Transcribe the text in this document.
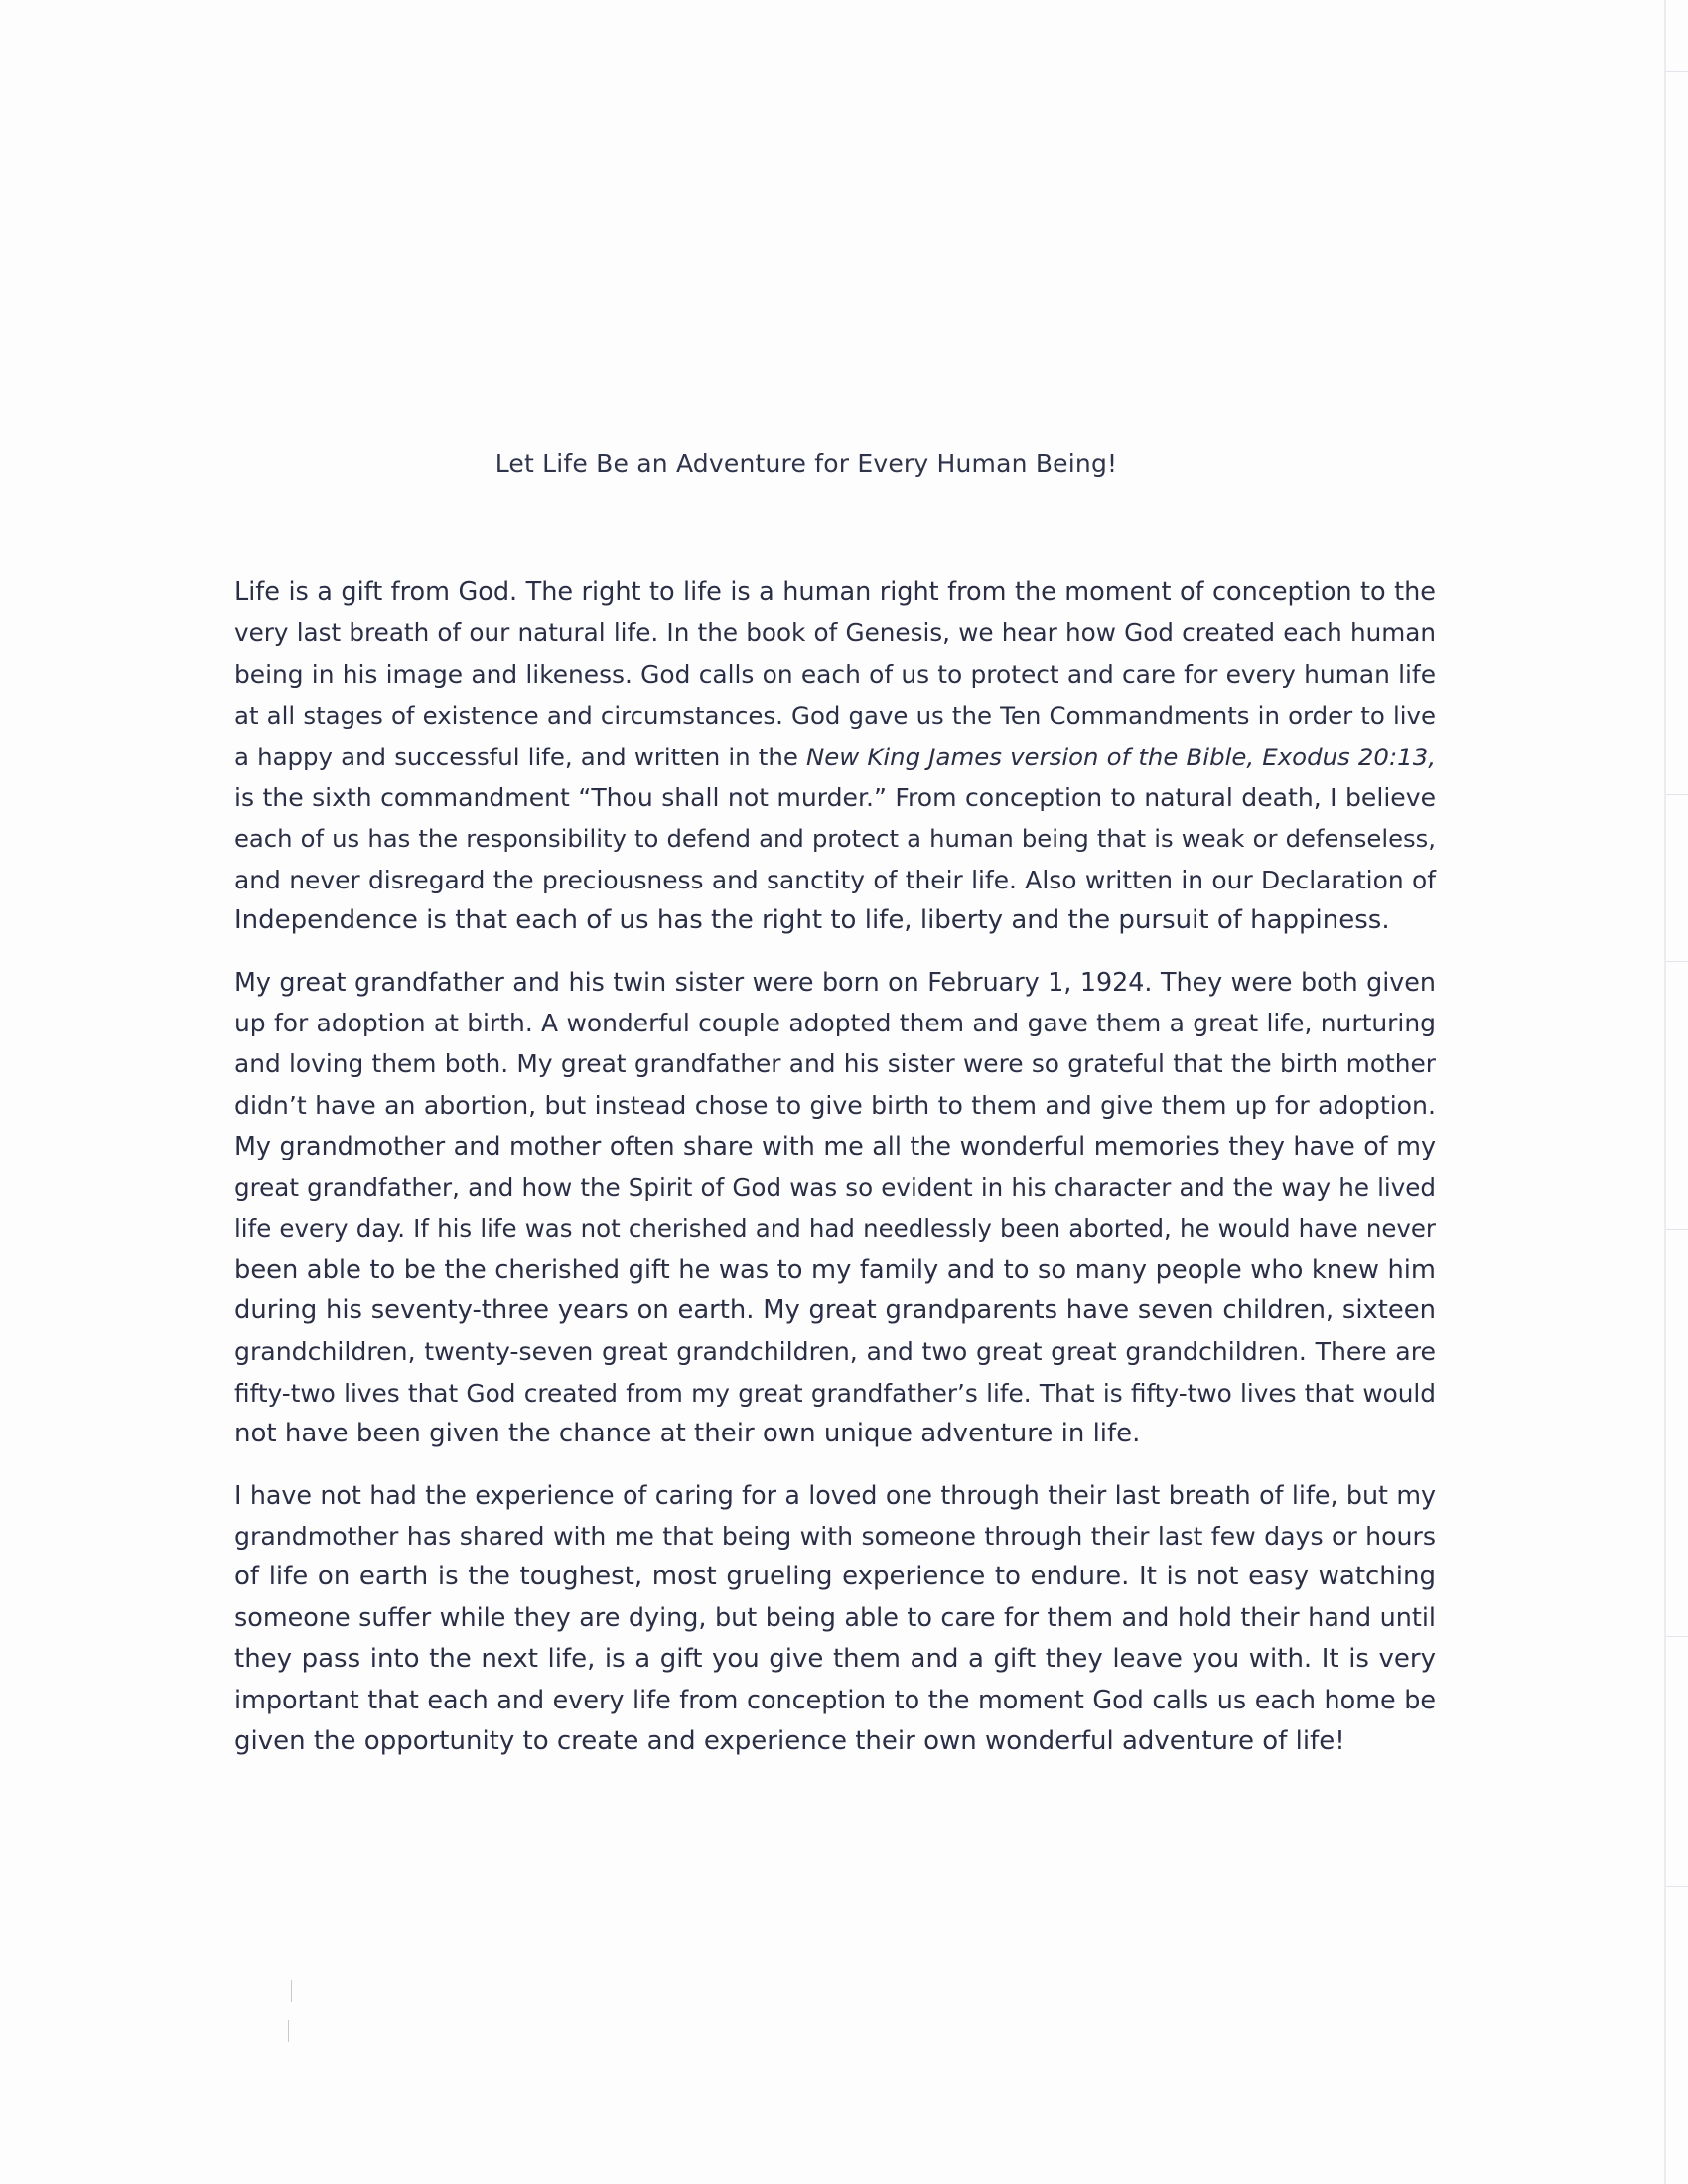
Let Life Be an Adventure for Every Human Being!

Life is a gift from God. The right to life is a human right from the moment of conception to the
very last breath of our natural life. In the book of Genesis, we hear how God created each human
being in his image and likeness. God calls on each of us to protect and care for every human life
at all stages of existence and circumstances. God gave us the Ten Commandments in order to live
a happy and successful life, and written in the New King James version of the Bible, Exodus 20:13,
is the sixth commandment “Thou shall not murder.” From conception to natural death, I believe
each of us has the responsibility to defend and protect a human being that is weak or defenseless,
and never disregard the preciousness and sanctity of their life. Also written in our Declaration of
Independence is that each of us has the right to life, liberty and the pursuit of happiness.

My great grandfather and his twin sister were born on February 1, 1924. They were both given
up for adoption at birth. A wonderful couple adopted them and gave them a great life, nurturing
and loving them both. My great grandfather and his sister were so grateful that the birth mother
didn’t have an abortion, but instead chose to give birth to them and give them up for adoption.
My grandmother and mother often share with me all the wonderful memories they have of my
great grandfather, and how the Spirit of God was so evident in his character and the way he lived
life every day. If his life was not cherished and had needlessly been aborted, he would have never
been able to be the cherished gift he was to my family and to so many people who knew him
during his seventy-three years on earth. My great grandparents have seven children, sixteen
grandchildren, twenty-seven great grandchildren, and two great great grandchildren. There are
fifty-two lives that God created from my great grandfather’s life. That is fifty-two lives that would
not have been given the chance at their own unique adventure in life.

I have not had the experience of caring for a loved one through their last breath of life, but my
grandmother has shared with me that being with someone through their last few days or hours
of life on earth is the toughest, most grueling experience to endure. It is not easy watching
someone suffer while they are dying, but being able to care for them and hold their hand until
they pass into the next life, is a gift you give them and a gift they leave you with. It is very
important that each and every life from conception to the moment God calls us each home be
given the opportunity to create and experience their own wonderful adventure of life!
